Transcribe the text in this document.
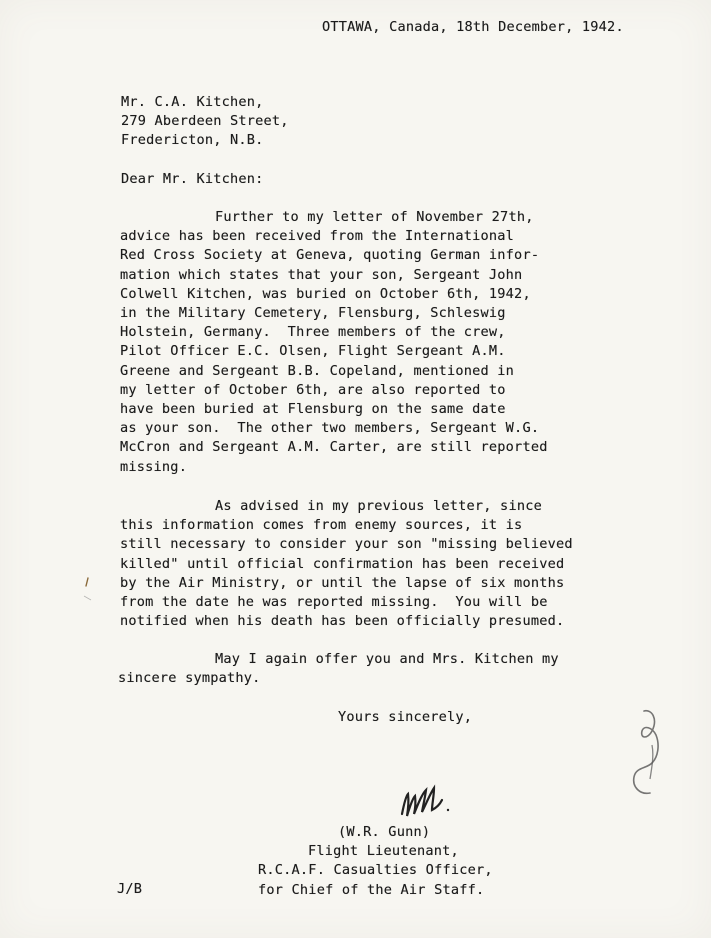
OTTAWA, Canada, 18th December, 1942.
Mr. C.A. Kitchen,
279 Aberdeen Street,
Fredericton, N.B.
Dear Mr. Kitchen:
Further to my letter of November 27th,
advice has been received from the International
Red Cross Society at Geneva, quoting German infor-
mation which states that your son, Sergeant John
Colwell Kitchen, was buried on October 6th, 1942,
in the Military Cemetery, Flensburg, Schleswig
Holstein, Germany.  Three members of the crew,
Pilot Officer E.C. Olsen, Flight Sergeant A.M.
Greene and Sergeant B.B. Copeland, mentioned in
my letter of October 6th, are also reported to
have been buried at Flensburg on the same date
as your son.  The other two members, Sergeant W.G.
McCron and Sergeant A.M. Carter, are still reported
missing.
As advised in my previous letter, since
this information comes from enemy sources, it is
still necessary to consider your son "missing believed
killed" until official confirmation has been received
by the Air Ministry, or until the lapse of six months
from the date he was reported missing.  You will be
notified when his death has been officially presumed.
May I again offer you and Mrs. Kitchen my
sincere sympathy.
Yours sincerely,
(W.R. Gunn)
Flight Lieutenant,
R.C.A.F. Casualties Officer,
for Chief of the Air Staff.
J/B
